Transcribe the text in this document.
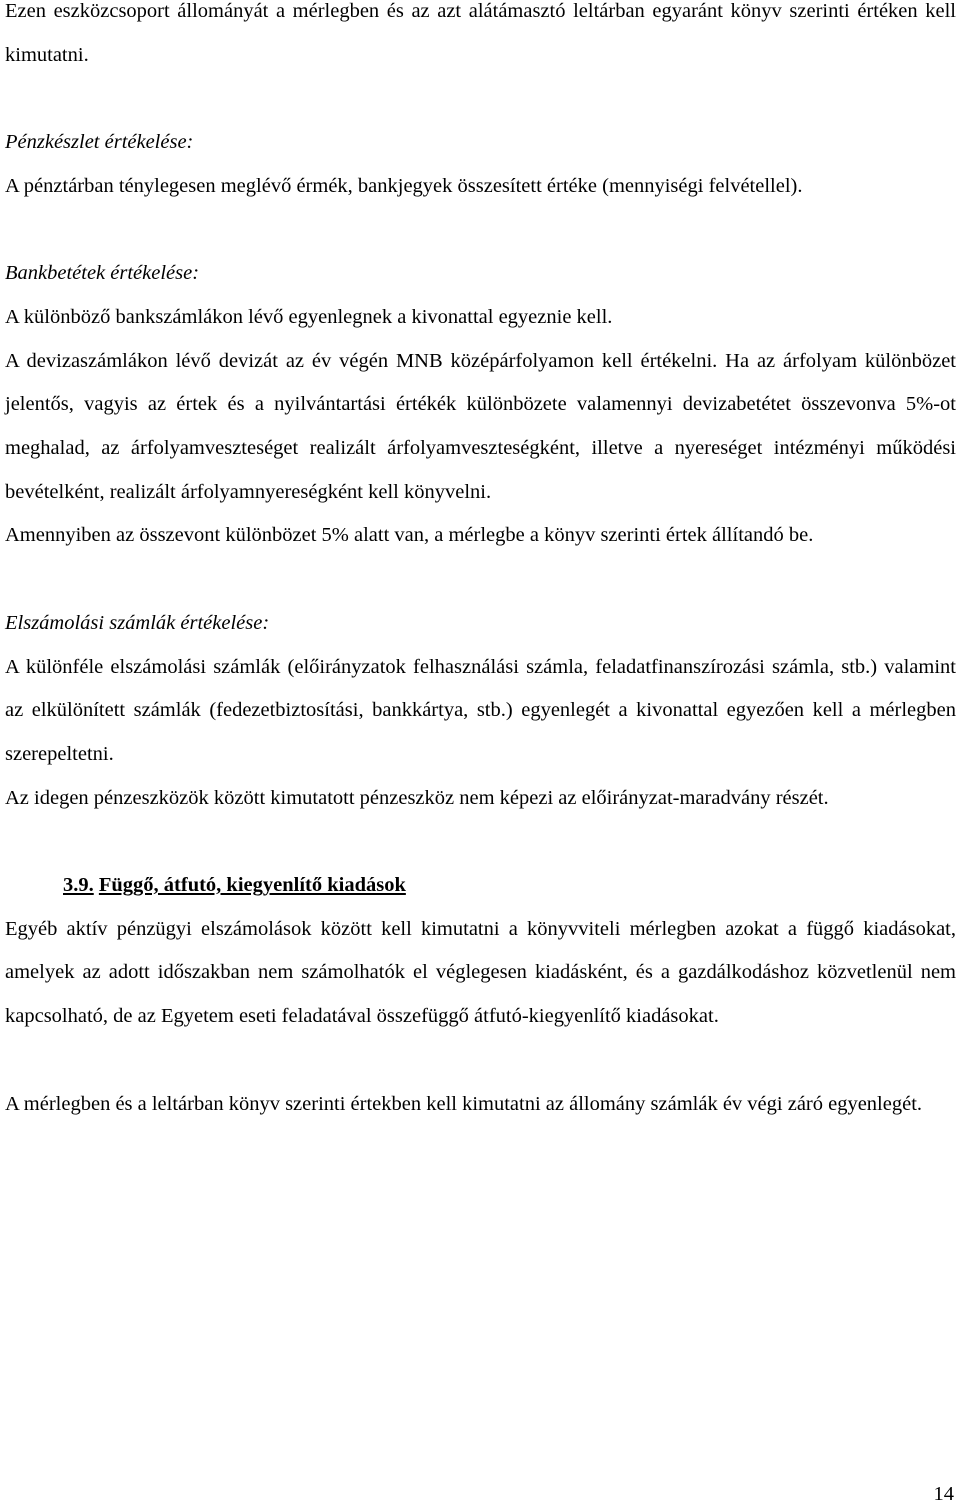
Ezen eszközcsoport állományát a mérlegben és az azt alátámasztó leltárban egyaránt könyv szerinti értéken kell kimutatni.

Pénzkészlet értékelése:

A pénztárban ténylegesen meglévő érmék, bankjegyek összesített értéke (mennyiségi felvétellel).

Bankbetétek értékelése:

A különböző bankszámlákon lévő egyenlegnek a kivonattal egyeznie kell.

A devizaszámlákon lévő devizát az év végén MNB középárfolyamon kell értékelni. Ha az árfolyam különbözet jelentős, vagyis az értek és a nyilvántartási értékék különbözete valamennyi devizabetétet összevonva 5%-ot meghalad, az árfolyamveszteséget realizált árfolyamveszteségként, illetve a nyereséget intézményi működési bevételként, realizált árfolyamnyereségként kell könyvelni.

Amennyiben az összevont különbözet 5% alatt van, a mérlegbe a könyv szerinti értek állítandó be.

Elszámolási számlák értékelése:

A különféle elszámolási számlák (előirányzatok felhasználási számla, feladatfinanszírozási számla, stb.) valamint az elkülönített számlák (fedezetbiztosítási, bankkártya, stb.) egyenlegét a kivonattal egyezően kell a mérlegben szerepeltetni.

Az idegen pénzeszközök között kimutatott pénzeszköz nem képezi az előirányzat-maradvány részét.

3.9. Függő, átfutó, kiegyenlítő kiadások

Egyéb aktív pénzügyi elszámolások között kell kimutatni a könyvviteli mérlegben azokat a függő kiadásokat, amelyek az adott időszakban nem számolhatók el véglegesen kiadásként, és a gazdálkodáshoz közvetlenül nem kapcsolható, de az Egyetem eseti feladatával összefüggő átfutó-kiegyenlítő kiadásokat.

A mérlegben és a leltárban könyv szerinti értekben kell kimutatni az állomány számlák év végi záró egyenlegét.

14
